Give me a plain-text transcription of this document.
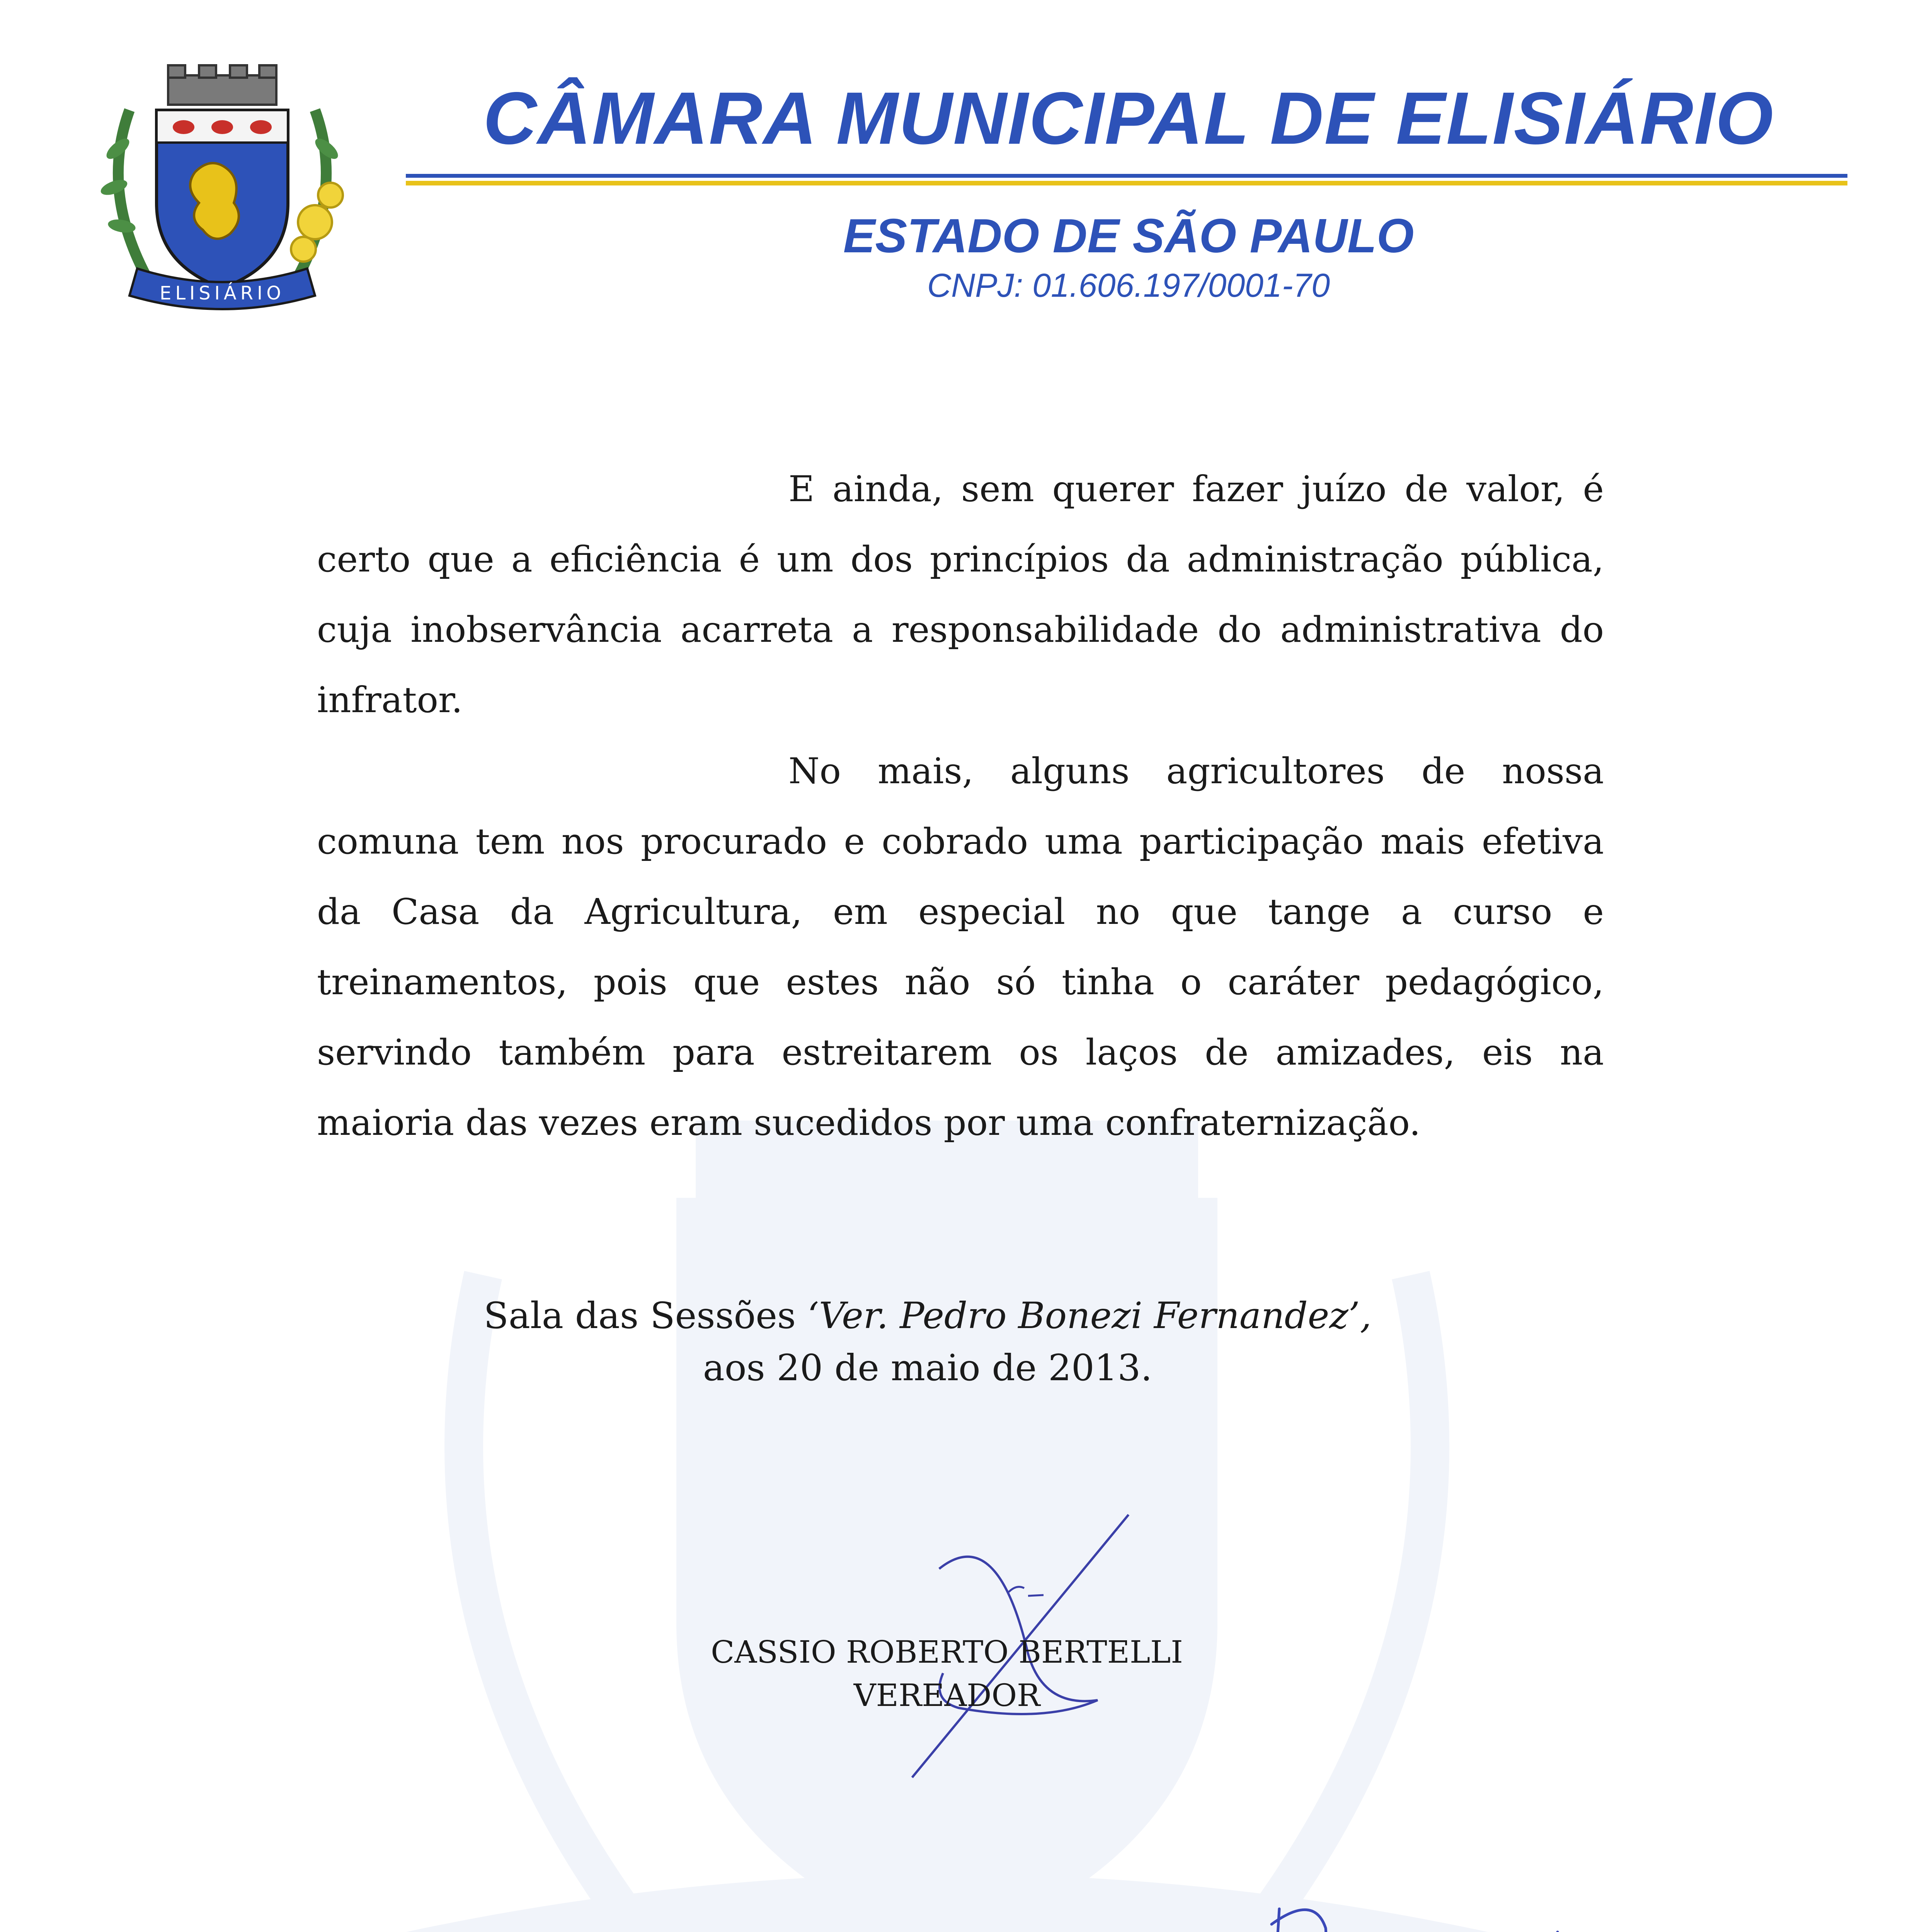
ELISIÁRIO
CÂMARA MUNICIPAL DE ELISIÁRIO
ESTADO DE SÃO PAULO
CNPJ: 01.606.197/0001-70

E ainda, sem querer fazer juízo de valor, é certo que a eficiência é um dos princípios da administração pública, cuja inobservância acarreta a responsabilidade do administrativa do infrator.

No mais, alguns agricultores de nossa comuna tem nos procurado e cobrado uma participação mais efetiva da Casa da Agricultura, em especial no que tange a curso e treinamentos, pois que estes não só tinha o caráter pedagógico, servindo também para estreitarem os laços de amizades, eis na maioria das vezes eram sucedidos por uma confraternização.

Sala das Sessões ‘Ver. Pedro Bonezi Fernandez’,
aos 20 de maio de 2013.
CASSIO ROBERTO BERTELLI
VEREADOR
